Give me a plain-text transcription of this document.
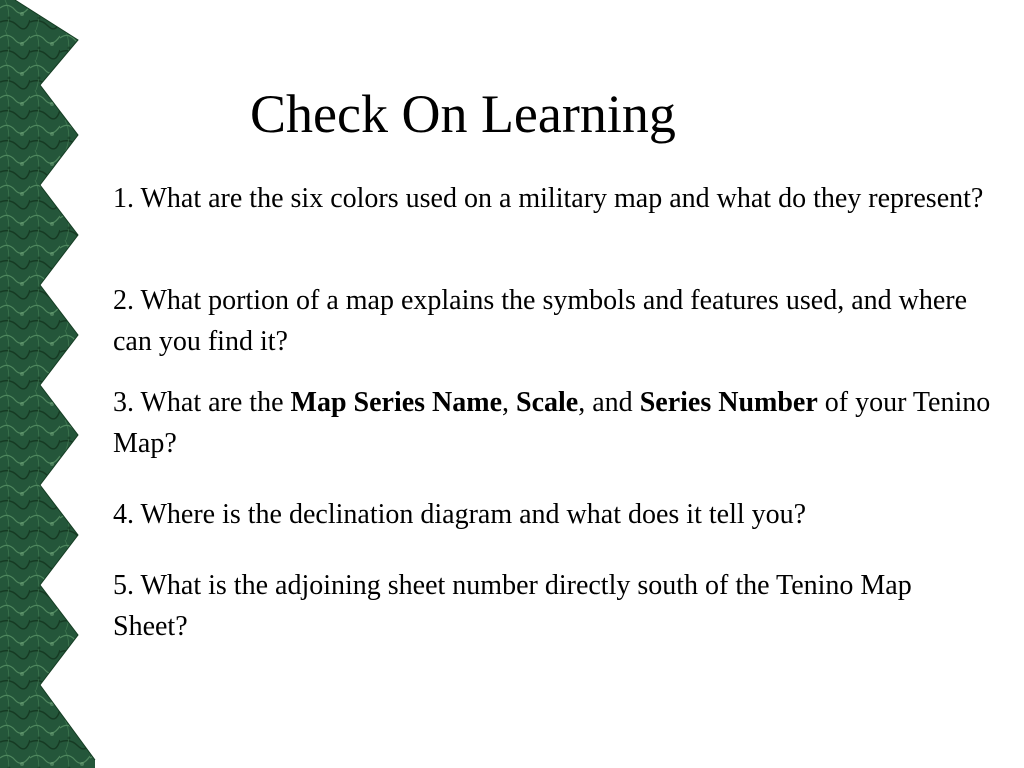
Check On Learning

1. What are the six colors used on a military map and what do they represent?

2. What portion of a map explains the symbols and features used, and where can you find it?

3. What are the Map Series Name, Scale, and Series Number of your Tenino Map?

4. Where is the declination diagram and what does it tell you?

5. What is the adjoining sheet number directly south of the Tenino Map Sheet?
